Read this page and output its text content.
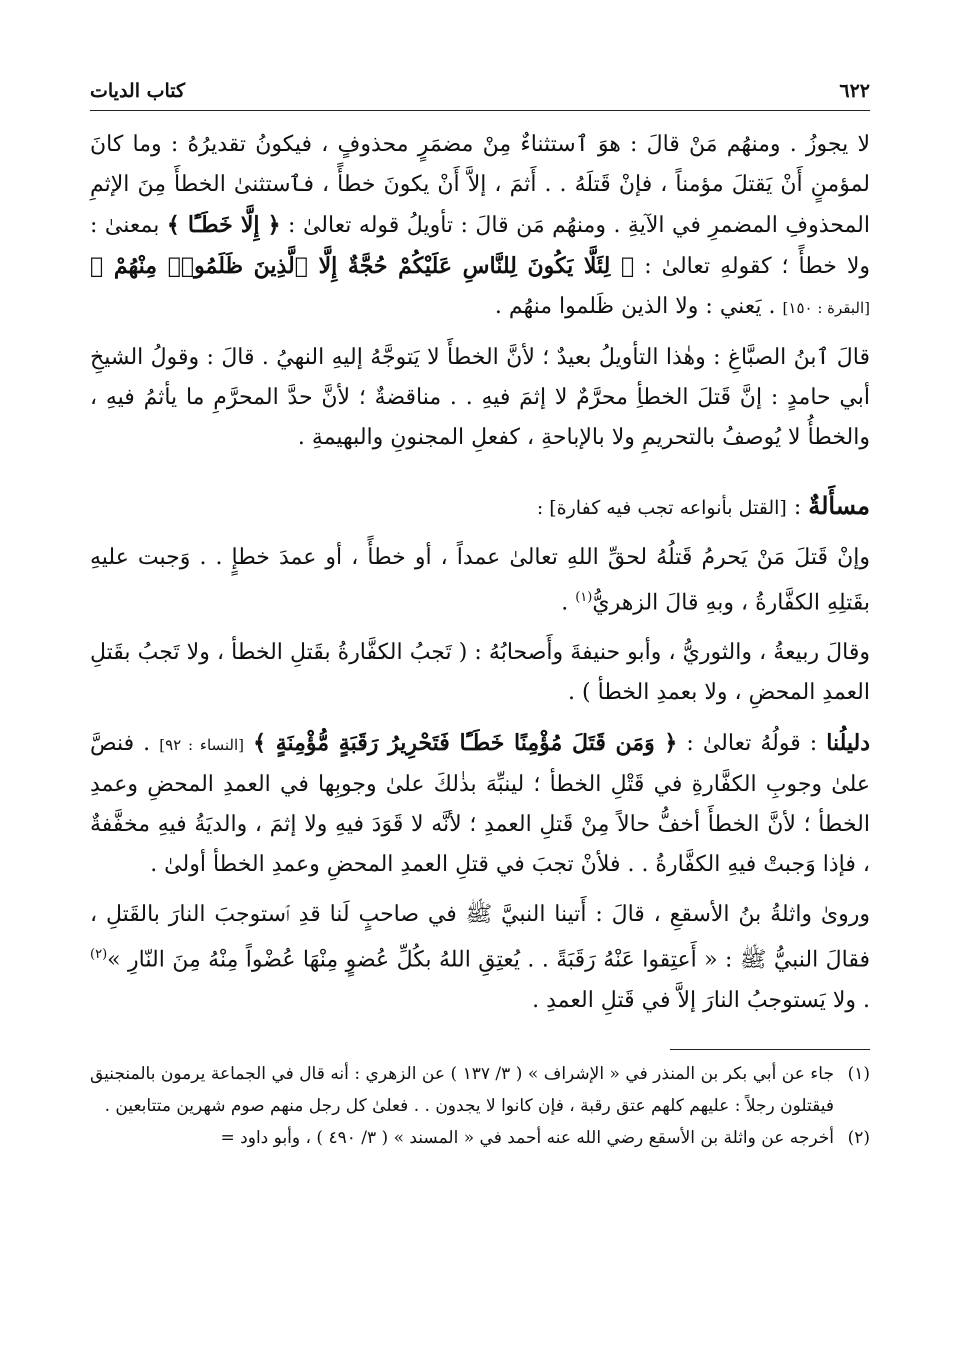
٦٢٢
كتاب الديات

لا يجوزُ . ومنهُم مَنْ قالَ : هوَ ٱستثناءٌ مِنْ مضمَرٍ محذوفٍ ، فيكونُ تقديرُهُ : وما كانَ لمؤمنٍ أَنْ يَقتلَ مؤمناً ، فإنْ قَتلَهُ . . أَثمَ ، إلاَّ أَنْ يكونَ خطأً ، فٱستثنىٰ الخطأَ مِنَ الإثمِ المحذوفِ المضمرِ في الآيةِ . ومنهُم مَن قالَ : تأويلُ قوله تعالىٰ : ﴿ إِلَّا خَطَـًٔا ﴾ بمعنىٰ : ولا خطأً ؛ كقولهِ تعالىٰ : ﴿ لِئَلَّا يَكُونَ لِلنَّاسِ عَلَيْكُمْ حُجَّةٌ إِلَّا ٱلَّذِينَ ظَلَمُوا۟ مِنْهُمْ ﴾ [البقرة : ١٥٠] . يَعني : ولا الذين ظَلموا منهُم .

قالَ ٱبنُ الصبَّاغِ : وهٰذا التأويلُ بعيدٌ ؛ لأنَّ الخطأَ لا يَتوجَّهُ إليهِ النهيُ . قالَ : وقولُ الشيخِ أبي حامدٍ : إنَّ قَتلَ الخطأِ محرَّمٌ لا إثمَ فيهِ . . مناقضةٌ ؛ لأنَّ حدَّ المحرَّمِ ما يأثمُ فيهِ ، والخطأُ لا يُوصفُ بالتحريمِ ولا بالإباحةِ ، كفعلِ المجنونِ والبهيمةِ .

مسأَلةٌ : [القتل بأنواعه تجب فيه كفارة] :

وإنْ قَتلَ مَنْ يَحرمُ قَتلُهُ لحقِّ اللهِ تعالىٰ عمداً ، أو خطأً ، أو عمدَ خطإٍ . . وَجبت عليهِ بقَتلِهِ الكفَّارةُ ، وبهِ قالَ الزهريُّ$^{(١)}$ .

وقالَ ربيعةُ ، والثوريُّ ، وأبو حنيفةَ وأَصحابُهُ : ( تَجبُ الكفَّارةُ بقَتلِ الخطأ ، ولا تَجبُ بقَتلِ العمدِ المحضِ ، ولا بعمدِ الخطأ ) .

دليلُنا : قولُهُ تعالىٰ : ﴿ وَمَن قَتَلَ مُؤْمِنًا خَطَـًٔا فَتَحْرِيرُ رَقَبَةٍ مُّؤْمِنَةٍ ﴾ [النساء : ٩٢] . فنصَّ علىٰ وجوبِ الكفَّارةِ في قَتْلِ الخطأ ؛ لينبِّهَ بذٰلكَ علىٰ وجوبِها في العمدِ المحضِ وعمدِ الخطأ ؛ لأنَّ الخطأَ أخفُّ حالاً مِنْ قَتلِ العمدِ ؛ لأنَّه لا قَوَدَ فيهِ ولا إثمَ ، والديَةُ فيهِ مخفَّفةٌ ، فإذا وَجبتْ فيهِ الكفَّارةُ . . فلأنْ تجبَ في قتلِ العمدِ المحضِ وعمدِ الخطأ أولىٰ .

وروىٰ واثلةُ بنُ الأسقعِ ، قالَ : أَتينا النبيَّ ﷺ في صاحبٍ لَنا قدِ ٱستوجبَ النارَ بالقَتلِ ، فقالَ النبيُّ ﷺ : « أَعتِقوا عَنْهُ رَقَبَةً . . يُعتِقِ اللهُ بكُلِّ عُضوٍ مِنْهَا عُضْواً مِنْهُ مِنَ النّارِ »$^{(٢)}$ . ولا يَستوجبُ النارَ إلاَّ في قَتلِ العمدِ .

(١)
جاء عن أبي بكر بن المنذر في « الإشراف » ( ٣/ ١٣٧ ) عن الزهري : أنه قال في الجماعة يرمون بالمنجنيق فيقتلون رجلاً : عليهم كلهم عتق رقبة ، فإن كانوا لا يجدون . . فعلىٰ كل رجل منهم صوم شهرين متتابعين .

(٢)
أخرجه عن واثلة بن الأسقع رضي الله عنه أحمد في « المسند » ( ٣/ ٤٩٠ ) ، وأبو داود =
